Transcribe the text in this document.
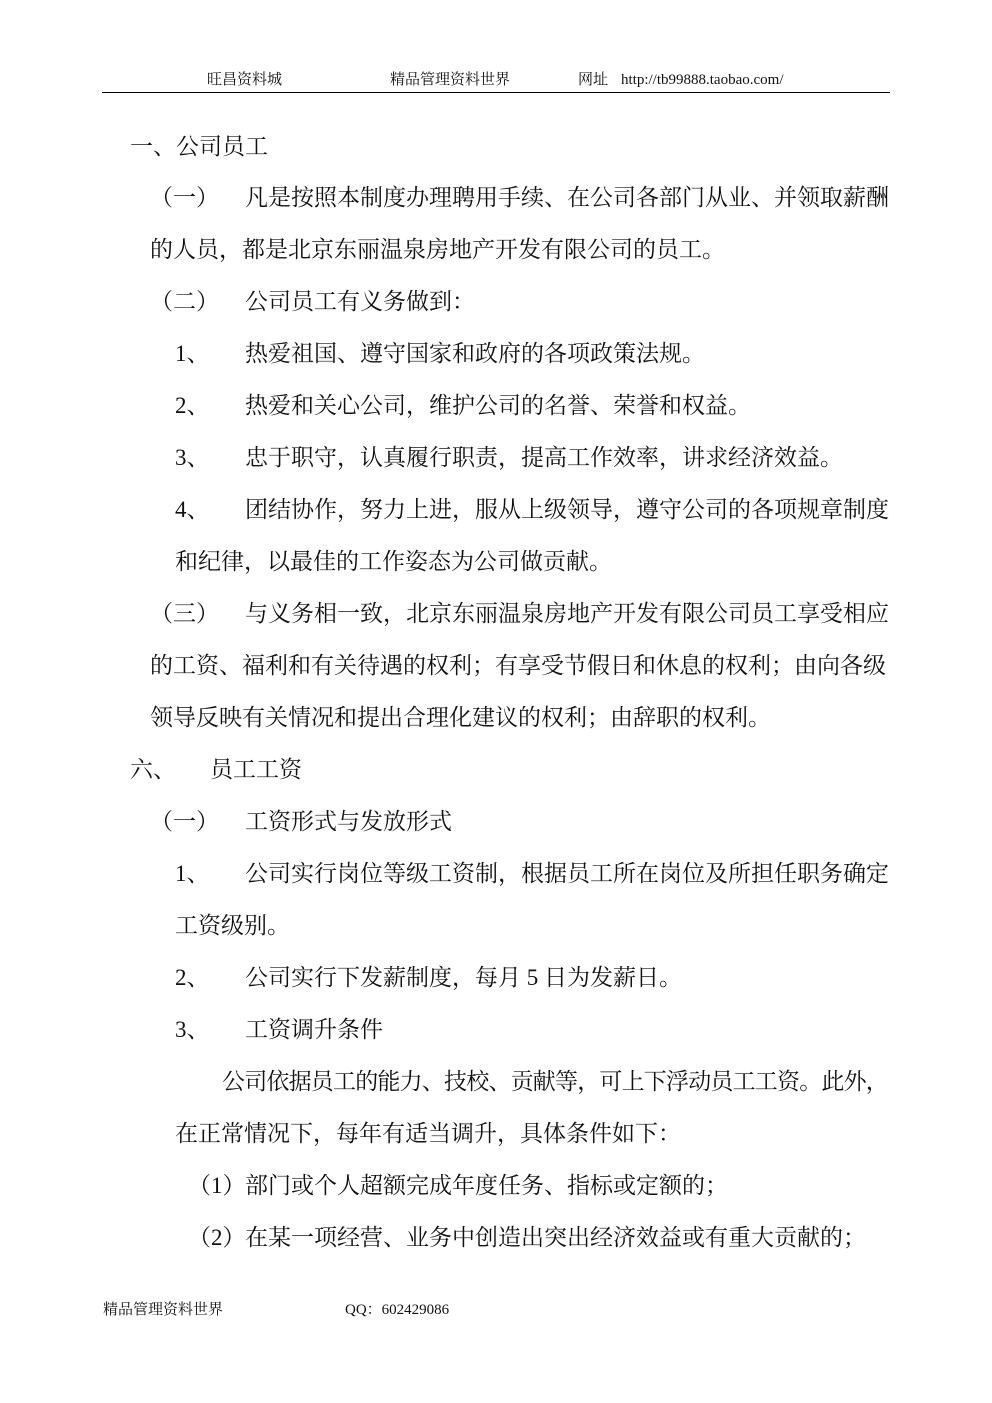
旺昌资料城	精品管理资料世界	网址 http://tb99888.taobao.com/
一、公司员工
（一） 凡是按照本制度办理聘用手续、在公司各部门从业、并领取薪酬
的人员，都是北京东丽温泉房地产开发有限公司的员工。
（二） 公司员工有义务做到：
1、 热爱祖国、遵守国家和政府的各项政策法规。
2、 热爱和关心公司，维护公司的名誉、荣誉和权益。
3、 忠于职守，认真履行职责，提高工作效率，讲求经济效益。
4、 团结协作，努力上进，服从上级领导，遵守公司的各项规章制度
和纪律，以最佳的工作姿态为公司做贡献。
（三） 与义务相一致，北京东丽温泉房地产开发有限公司员工享受相应
的工资、福利和有关待遇的权利；有享受节假日和休息的权利；由向各级
领导反映有关情况和提出合理化建议的权利；由辞职的权利。
六、 员工工资
（一） 工资形式与发放形式
1、 公司实行岗位等级工资制，根据员工所在岗位及所担任职务确定
工资级别。
2、 公司实行下发薪制度，每月 5 日为发薪日。
3、 工资调升条件
公司依据员工的能力、技校、贡献等，可上下浮动员工工资。此外，
在正常情况下，每年有适当调升，具体条件如下：
（1） 部门或个人超额完成年度任务、指标或定额的；
（2） 在某一项经营、业务中创造出突出经济效益或有重大贡献的；
精品管理资料世界	QQ：602429086
